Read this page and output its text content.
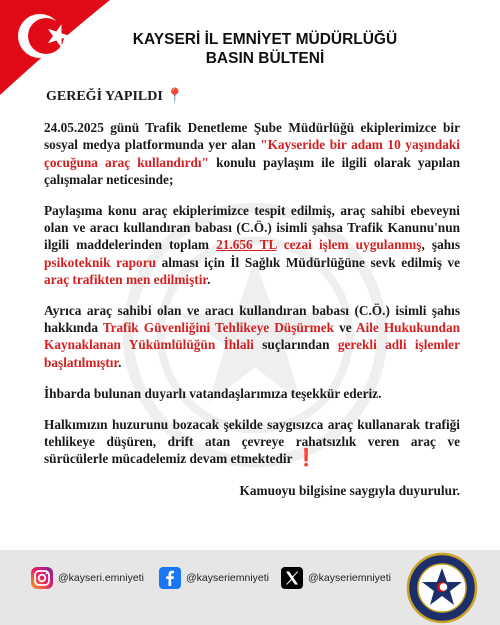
KAYSERİ İL EMNİYET MÜDÜRLÜĞÜ
BASIN BÜLTENİ
GEREĞİ YAPILDI 📍

24.05.2025 günü Trafik Denetleme Şube Müdürlüğü ekiplerimizce bir sosyal medya platformunda yer alan "Kayseride bir adam 10 yaşındaki çocuğuna araç kullandırdı" konulu paylaşım ile ilgili olarak yapılan çalışmalar neticesinde;

Paylaşıma konu araç ekiplerimizce tespit edilmiş, araç sahibi ebeveyni olan ve aracı kullandıran babası (C.Ö.) isimli şahsa Trafik Kanunu'nun ilgili maddelerinden toplam 21.656 TL cezai işlem uygulanmış, şahıs psikoteknik raporu alması için İl Sağlık Müdürlüğüne sevk edilmiş ve araç trafikten men edilmiştir.

Ayrıca araç sahibi olan ve aracı kullandıran babası (C.Ö.) isimli şahıs hakkında Trafik Güvenliğini Tehlikeye Düşürmek ve Aile Hukukundan Kaynaklanan Yükümlülüğün İhlali suçlarından gerekli adli işlemler başlatılmıştır.

İhbarda bulunan duyarlı vatandaşlarımıza teşekkür ederiz.

Halkımızın huzurunu bozacak şekilde saygısızca araç kullanarak trafiği tehlikeye düşüren, drift atan çevreye rahatsızlık veren araç ve sürücülerle mücadelemiz devam etmektedir ❗

Kamuoyu bilgisine saygıyla duyurulur.
@kayseri.emniyeti	@kayseriemniyeti	@kayseriemniyeti
